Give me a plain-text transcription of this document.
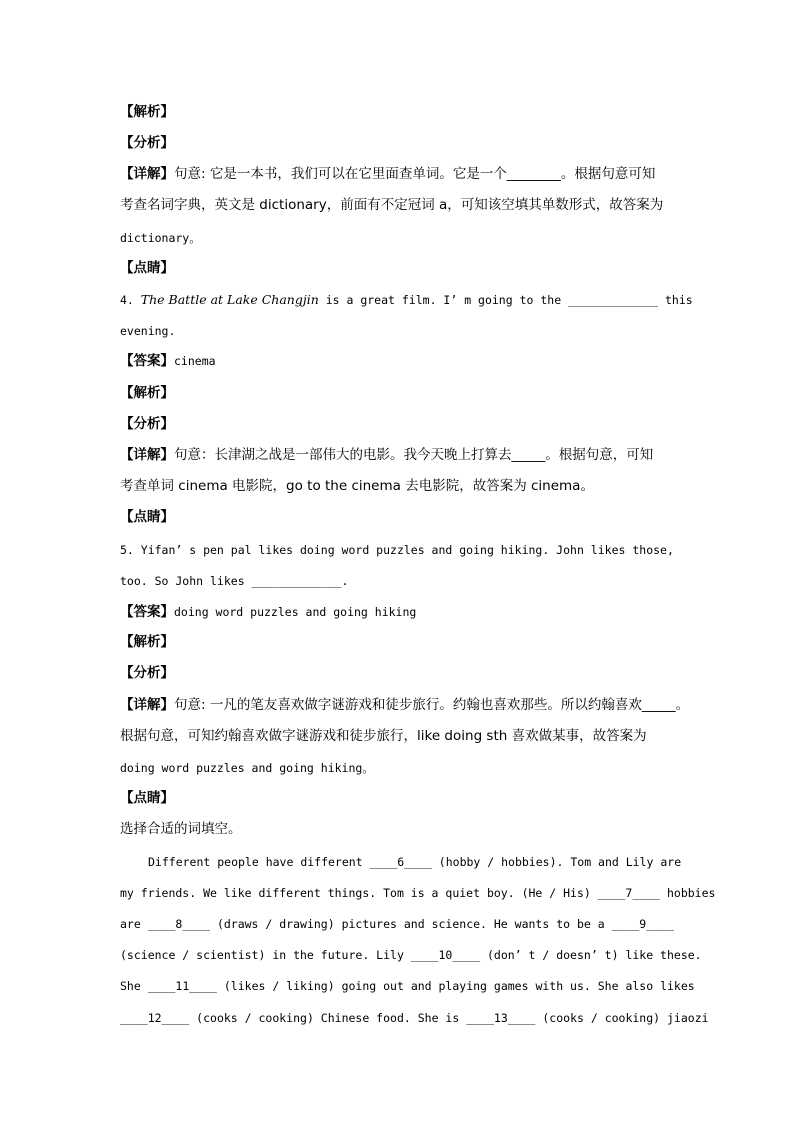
【解析】
【分析】
【详解】句意: 它是一本书，我们可以在它里面查单词。它是一个________。根据句意可知
考查名词字典，英文是 dictionary，前面有不定冠词 a，可知该空填其单数形式，故答案为
dictionary。
【点睛】
4. The Battle at Lake Changjin is a great film. I’ m going to the _____________ this
evening.
【答案】cinema
【解析】
【分析】
【详解】句意：长津湖之战是一部伟大的电影。我今天晚上打算去_____。根据句意，可知
考查单词 cinema 电影院，go to the cinema 去电影院，故答案为 cinema。
【点睛】
5. Yifan’ s pen pal likes doing word puzzles and going hiking. John likes those,
too. So John likes _____________.
【答案】doing word puzzles and going hiking
【解析】
【分析】
【详解】句意: 一凡的笔友喜欢做字谜游戏和徒步旅行。约翰也喜欢那些。所以约翰喜欢_____。
根据句意，可知约翰喜欢做字谜游戏和徒步旅行，like doing sth 喜欢做某事，故答案为
doing word puzzles and going hiking。
【点睛】
选择合适的词填空。
Different people have different ____6____ (hobby / hobbies). Tom and Lily are
my friends. We like different things. Tom is a quiet boy. (He / His) ____7____ hobbies
are ____8____ (draws / drawing) pictures and science. He wants to be a ____9____
(science / scientist) in the future. Lily ____10____ (don’ t / doesn’ t) like these.
She ____11____ (likes / liking) going out and playing games with us. She also likes
____12____ (cooks / cooking) Chinese food. She is ____13____ (cooks / cooking) jiaozi
